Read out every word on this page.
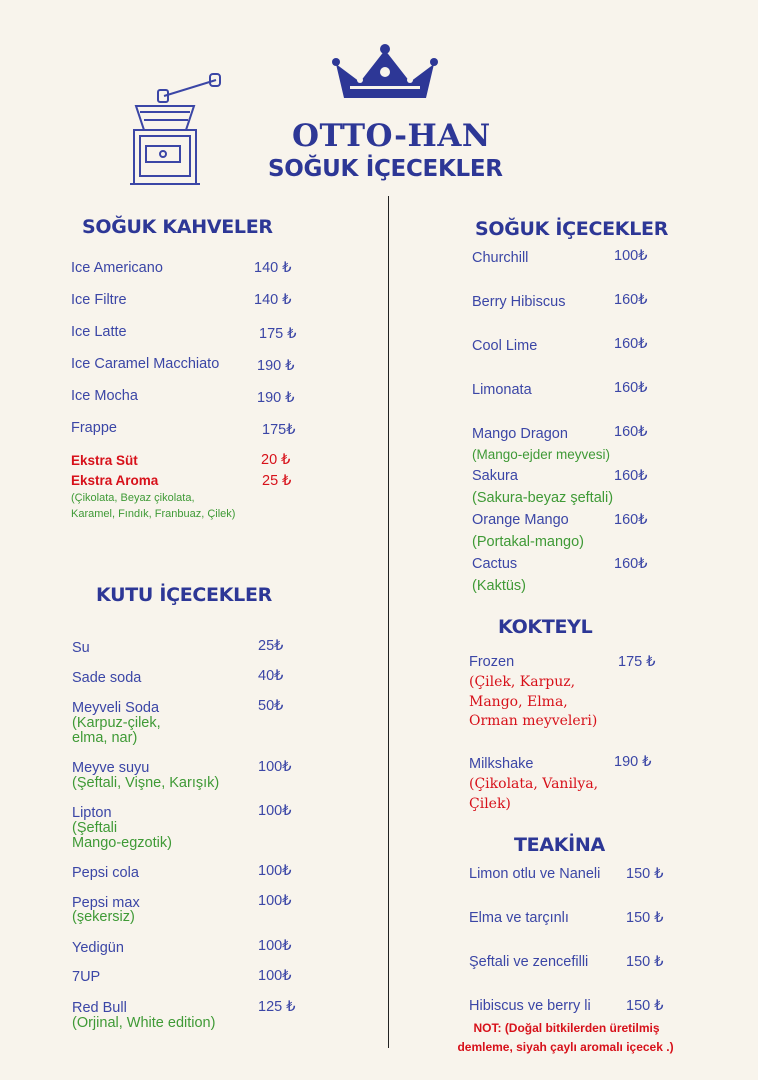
OTTO-HAN
SOĞUK İÇECEKLER
SOĞUK KAHVELER
Ice Americano	140 ₺
Ice Filtre	140 ₺
Ice Latte	175 ₺
Ice Caramel Macchiato	190 ₺
Ice Mocha	190 ₺
Frappe	175₺
Ekstra Süt	20 ₺
Ekstra Aroma	25 ₺
(Çikolata, Beyaz çikolata,
Karamel, Fındık, Franbuaz, Çilek)
KUTU İÇECEKLER
Su	25₺
Sade soda	40₺
Meyveli Soda	50₺
(Karpuz-çilek,
elma, nar)
Meyve suyu	100₺
(Şeftali, Vişne, Karışık)
Lipton	100₺
(Şeftali
Mango-egzotik)
Pepsi cola	100₺
Pepsi max	100₺
(şekersiz)
Yedigün	100₺
7UP	100₺
Red Bull	125 ₺
(Orjinal, White edition)
SOĞUK İÇECEKLER
Churchill	100₺
Berry Hibiscus	160₺
Cool Lime	160₺
Limonata	160₺
Mango Dragon	160₺
(Mango-ejder meyvesi)
Sakura	160₺
(Sakura-beyaz şeftali)
Orange Mango	160₺
(Portakal-mango)
Cactus	160₺
(Kaktüs)
KOKTEYL
Frozen	175 ₺
(Çilek, Karpuz,
Mango, Elma,
Orman meyveleri)
Milkshake	190 ₺
(Çikolata, Vanilya,
Çilek)
TEAKİNA
Limon otlu ve Naneli 150 ₺
Elma ve tarçınlı	150 ₺
Şeftali ve zencefilli	150 ₺
Hibiscus ve berry li 150 ₺
NOT: (Doğal bitkilerden üretilmiş
demleme, siyah çaylı aromalı içecek .)
